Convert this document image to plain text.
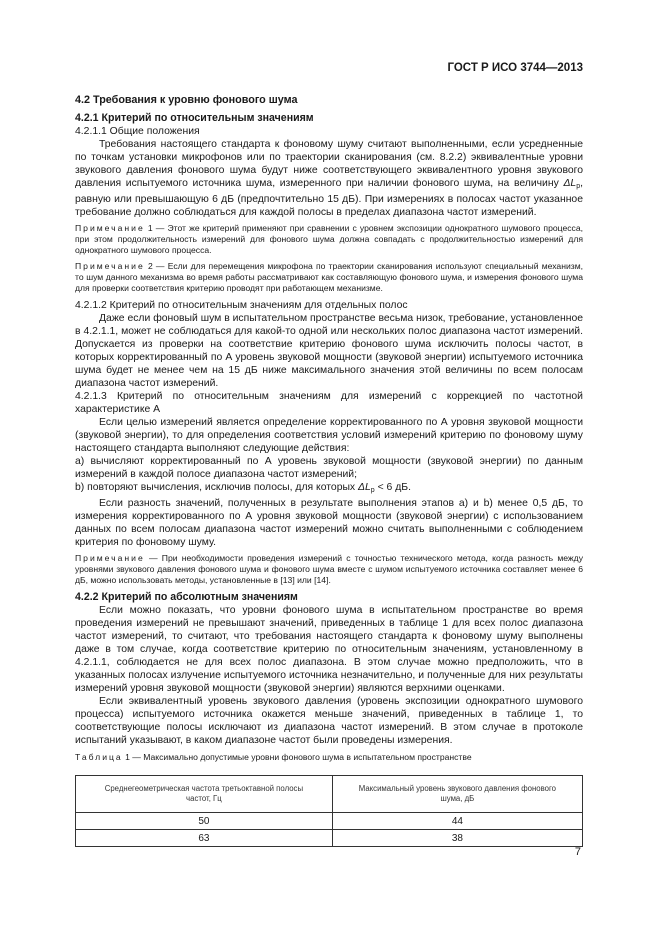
ГОСТ Р ИСО 3744—2013
4.2 Требования к уровню фонового шума
4.2.1 Критерий по относительным значениям
4.2.1.1 Общие положения

Требования настоящего стандарта к фоновому шуму считают выполненными, если усредненные по точкам установки микрофонов или по траектории сканирования (см. 8.2.2) эквивалентные уровни звукового давления фонового шума будут ниже соответствующего эквивалентного уровня звукового давления испытуемого источника шума, измеренного при наличии фонового шума, на величину $\Delta L_p$, равную или превышающую 6 дБ (предпочтительно 15 дБ). При измерениях в полосах частот указанное требование должно соблюдаться для каждой полосы в пределах диапазона частот измерений.

Примечание 1 — Этот же критерий применяют при сравнении с уровнем экспозиции однократного шумового процесса, при этом продолжительность измерений для фонового шума должна совпадать с продолжительностью измерений для однократного шумового процесса.
Примечание 2 — Если для перемещения микрофона по траектории сканирования используют специальный механизм, то шум данного механизма во время работы рассматривают как составляющую фонового шума, и измерения фонового шума для проверки соответствия критерию проводят при работающем механизме.
4.2.1.2 Критерий по относительным значениям для отдельных полос

Даже если фоновый шум в испытательном пространстве весьма низок, требование, установленное в 4.2.1.1, может не соблюдаться для какой-то одной или нескольких полос диапазона частот измерений. Допускается из проверки на соответствие критерию фонового шума исключить полосы частот, в которых корректированный по А уровень звуковой мощности (звуковой энергии) испытуемого источника шума будет не менее чем на 15 дБ ниже максимального значения этой величины по всем полосам диапазона частот измерений.

4.2.1.3 Критерий по относительным значениям для измерений с коррекцией по частотной характеристике А

Если целью измерений является определение корректированного по А уровня звуковой мощности (звуковой энергии), то для определения соответствия условий измерений критерию по фоновому шуму настоящего стандарта выполняют следующие действия:

a) вычисляют корректированный по А уровень звуковой мощности (звуковой энергии) по данным измерений в каждой полосе диапазона частот измерений;

b) повторяют вычисления, исключив полосы, для которых $\Delta L_p < 6$ дБ.

Если разность значений, полученных в результате выполнения этапов а) и b) менее 0,5 дБ, то измерения корректированного по А уровня звуковой мощности (звуковой энергии) с использованием данных по всем полосам диапазона частот измерений можно считать выполненными с соблюдением критерия по фоновому шуму.

Примечание — При необходимости проведения измерений с точностью технического метода, когда разность между уровнями звукового давления фонового шума и фонового шума вместе с шумом испытуемого источника составляет менее 6 дБ, можно использовать методы, установленные в [13] или [14].
4.2.2 Критерий по абсолютным значениям

Если можно показать, что уровни фонового шума в испытательном пространстве во время проведения измерений не превышают значений, приведенных в таблице 1 для всех полос диапазона частот измерений, то считают, что требования настоящего стандарта к фоновому шуму выполнены даже в том случае, когда соответствие критерию по относительным значениям, установленному в 4.2.1.1, соблюдается не для всех полос диапазона. В этом случае можно предположить, что в указанных полосах излучение испытуемого источника незначительно, и полученные для них результаты измерений уровня звуковой мощности (звуковой энергии) являются верхними оценками.

Если эквивалентный уровень звукового давления (уровень экспозиции однократного шумового процесса) испытуемого источника окажется меньше значений, приведенных в таблице 1, то соответствующие полосы исключают из диапазона частот измерений. В этом случае в протоколе испытаний указывают, в каком диапазоне частот были проведены измерения.

Таблица 1 — Максимально допустимые уровни фонового шума в испытательном пространстве
Среднегеометрическая частота третьоктавной полосы частот, Гц	Максимальный уровень звукового давления фонового шума, дБ
50	44
63	38
7
